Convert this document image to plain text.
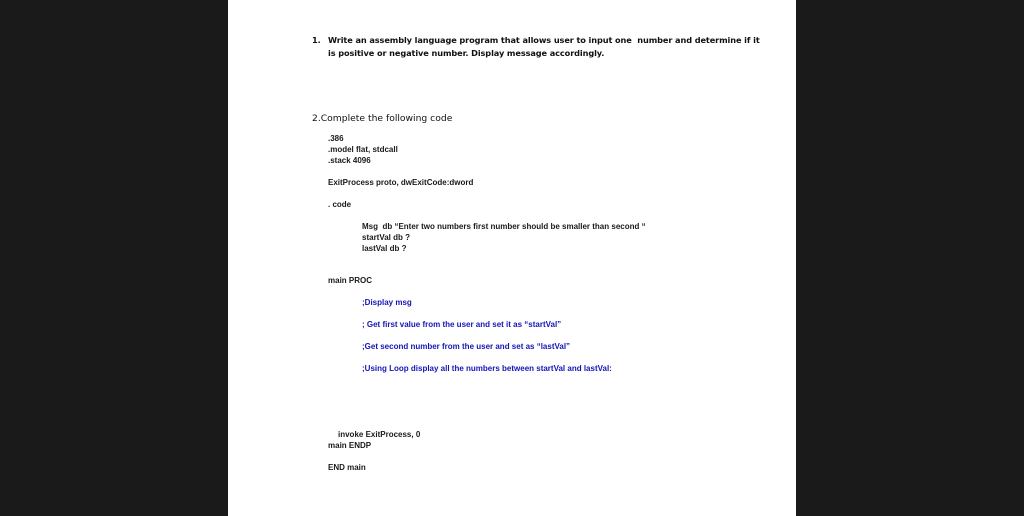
1. Write an assembly language program that allows user to input one  number and determine if it
is positive or negative number. Display message accordingly.
2.Complete the following code
.386
.model flat, stdcall
.stack 4096
ExitProcess proto, dwExitCode:dword
. code
Msg  db “Enter two numbers first number should be smaller than second “
startVal db ?
lastVal db ?
main PROC
;Display msg
; Get first value from the user and set it as “startVal”
;Get second number from the user and set as “lastVal”
;Using Loop display all the numbers between startVal and lastVal:
invoke ExitProcess, 0
main ENDP
END main
